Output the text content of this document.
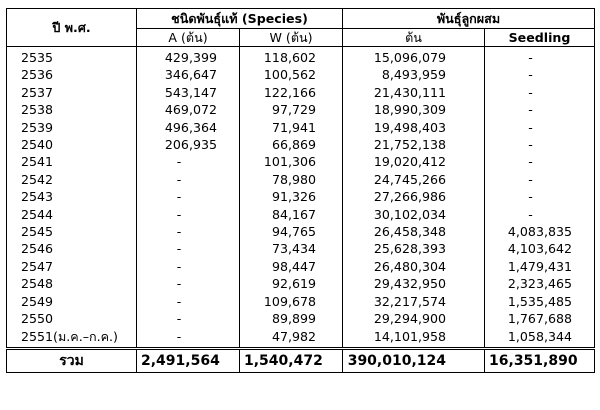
ปี พ.ศ.	ชนิดพันธุ์แท้ (Species)		พันธุ์ลูกผสม	
	A (ต้น)	W (ต้น)	ต้น	Seedling
2535	429,399	118,602	15,096,079	-
2536	346,647	100,562	8,493,959	-
2537	543,147	122,166	21,430,111	-
2538	469,072	97,729	18,990,309	-
2539	496,364	71,941	19,498,403	-
2540	206,935	66,869	21,752,138	-
2541	-	101,306	19,020,412	-
2542	-	78,980	24,745,266	-
2543	-	91,326	27,266,986	-
2544	-	84,167	30,102,034	-
2545	-	94,765	26,458,348	4,083,835
2546	-	73,434	25,628,393	4,103,642
2547	-	98,447	26,480,304	1,479,431
2548	-	92,619	29,432,950	2,323,465
2549	-	109,678	32,217,574	1,535,485
2550	-	89,899	29,294,900	1,767,688
2551(ม.ค.–ก.ค.)	-	47,982	14,101,958	1,058,344
รวม	2,491,564	1,540,472	390,010,124	16,351,890
